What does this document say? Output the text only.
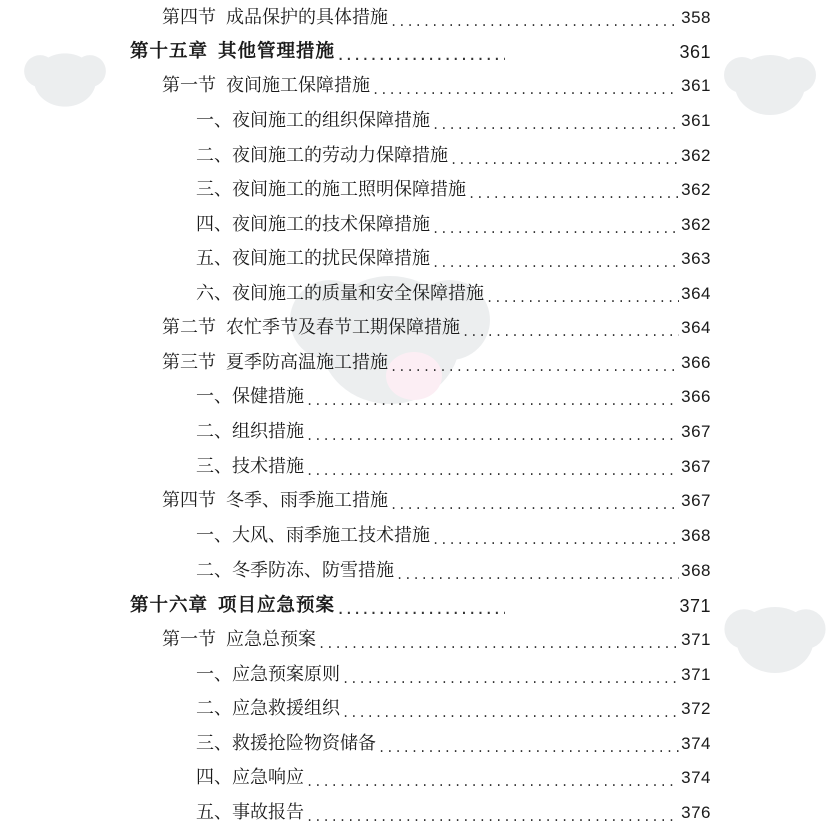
第四节 成品保护的具体措施 .....	358
第十五章 其他管理措施 .....	361
第一节 夜间施工保障措施 .....	361
一、夜间施工的组织保障措施 .....	361
二、夜间施工的劳动力保障措施 .....	362
三、夜间施工的施工照明保障措施 .....	362
四、夜间施工的技术保障措施 .....	362
五、夜间施工的扰民保障措施 .....	363
六、夜间施工的质量和安全保障措施 .....	364
第二节 农忙季节及春节工期保障措施 .....	364
第三节 夏季防高温施工措施 .....	366
一、保健措施 .....	366
二、组织措施 .....	367
三、技术措施 .....	367
第四节 冬季、雨季施工措施 .....	367
一、大风、雨季施工技术措施 .....	368
二、冬季防冻、防雪措施 .....	368
第十六章 项目应急预案 .....	371
第一节 应急总预案 .....	371
一、应急预案原则 .....	371
二、应急救援组织 .....	372
三、救援抢险物资储备 .....	374
四、应急响应 .....	374
五、事故报告 .....	376
